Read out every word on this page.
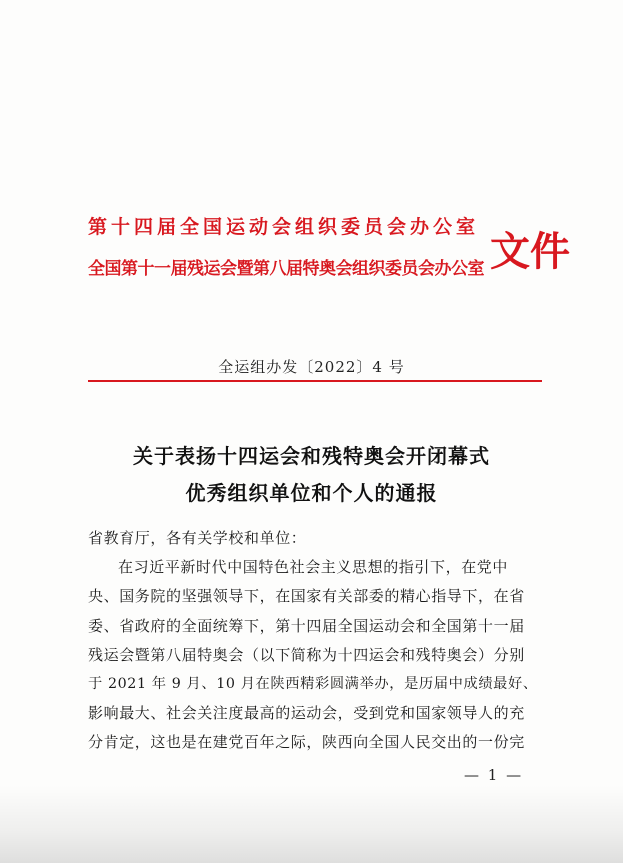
第十四届全国运动会组织委员会办公室
全国第十一届残运会暨第八届特奥会组织委员会办公室 文件
全运组办发〔2022〕4 号
关于表扬十四运会和残特奥会开闭幕式
优秀组织单位和个人的通报
省教育厅，各有关学校和单位：
在习近平新时代中国特色社会主义思想的指引下，在党中
央、国务院的坚强领导下，在国家有关部委的精心指导下，在省
委、省政府的全面统筹下，第十四届全国运动会和全国第十一届
残运会暨第八届特奥会（以下简称为十四运会和残特奥会）分别
于 2021 年 9 月、10 月在陕西精彩圆满举办，是历届中成绩最好、
影响最大、社会关注度最高的运动会，受到党和国家领导人的充
分肯定，这也是在建党百年之际，陕西向全国人民交出的一份完
— 1 —
